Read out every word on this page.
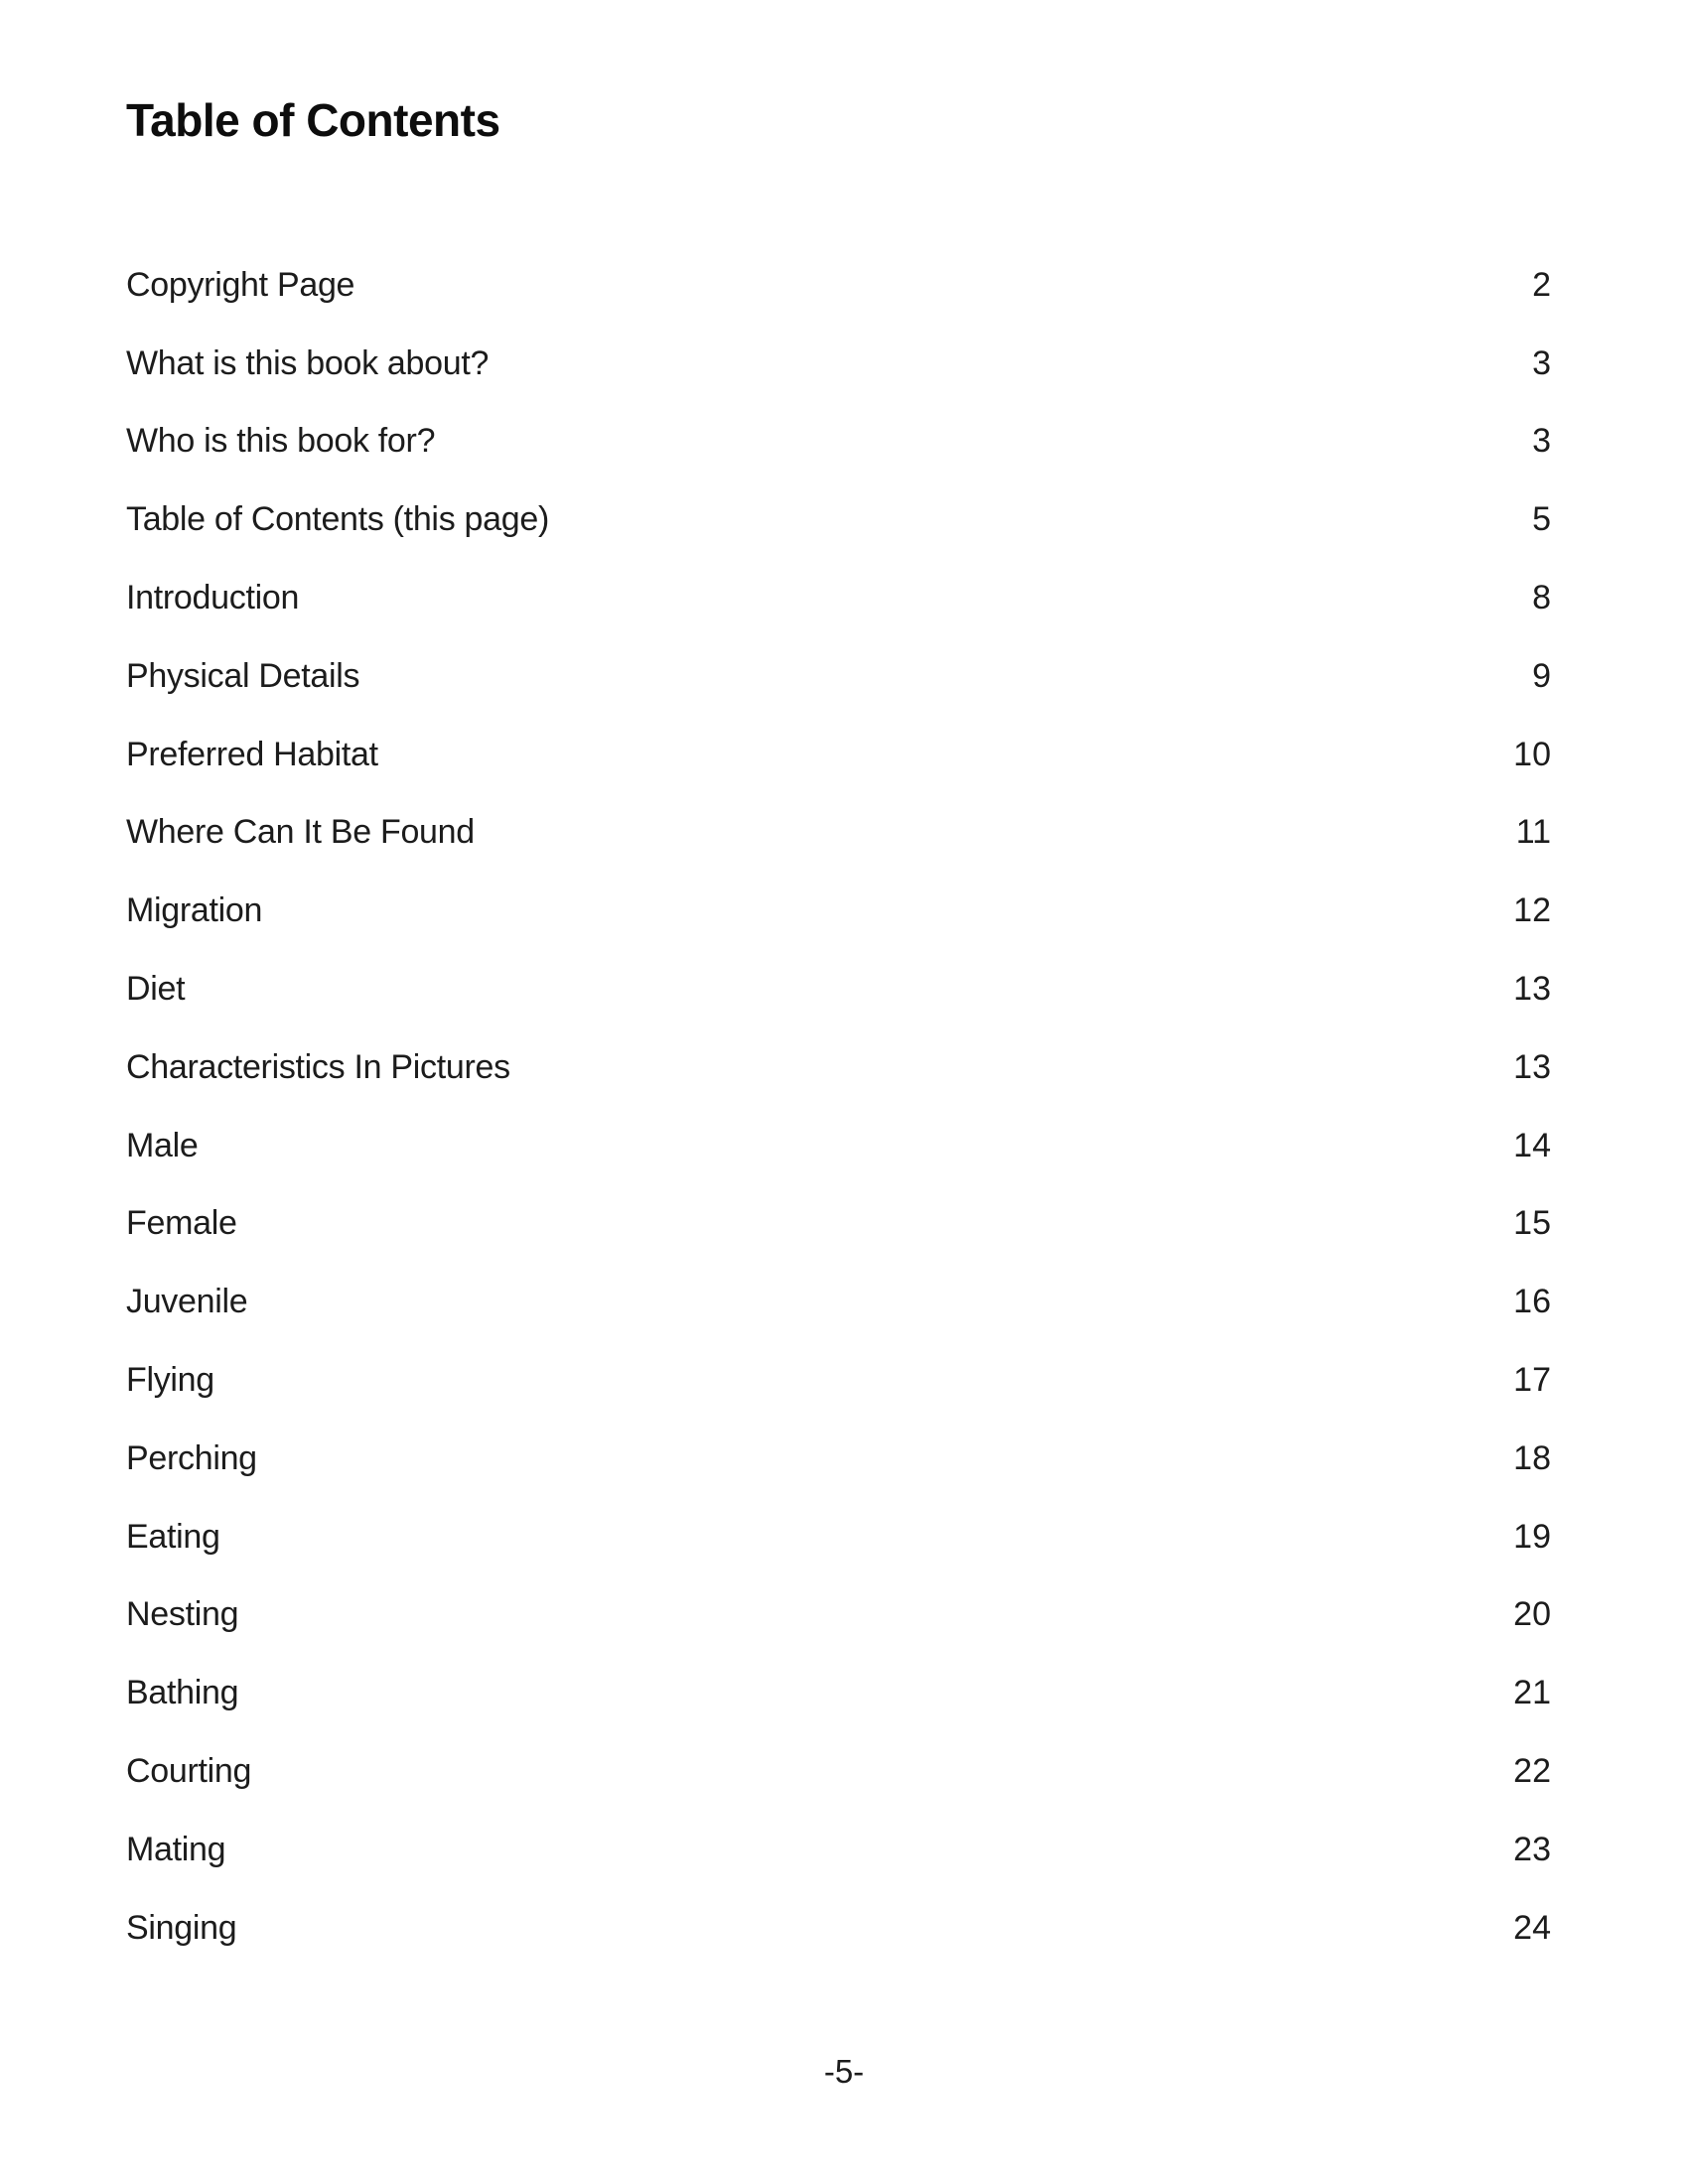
Table of Contents
Copyright Page	2
What is this book about?	3
Who is this book for?	3
Table of Contents (this page)	5
Introduction	8
Physical Details	9
Preferred Habitat	10
Where Can It Be Found	11
Migration	12
Diet	13
Characteristics In Pictures	13
Male	14
Female	15
Juvenile	16
Flying	17
Perching	18
Eating	19
Nesting	20
Bathing	21
Courting	22
Mating	23
Singing	24
-5-
